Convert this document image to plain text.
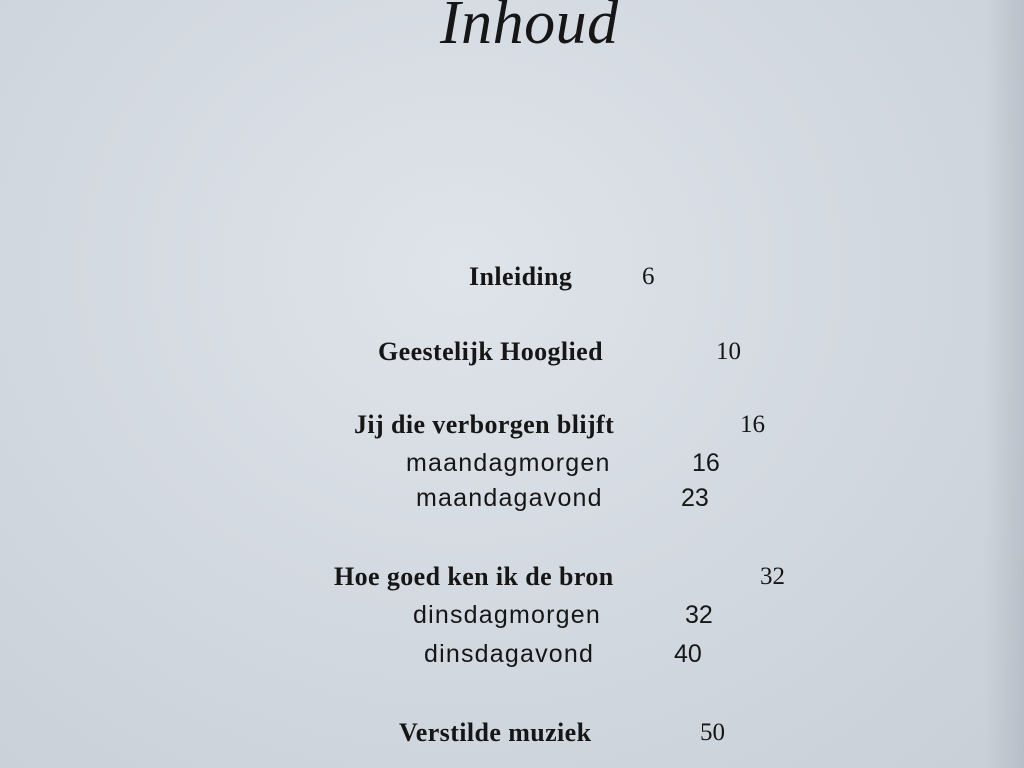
Inhoud
Inleiding	6
Geestelijk Hooglied	10
Jij die verborgen blijft	16
maandagmorgen	16
maandagavond	23
Hoe goed ken ik de bron	32
dinsdagmorgen	32
dinsdagavond	40
Verstilde muziek	50
